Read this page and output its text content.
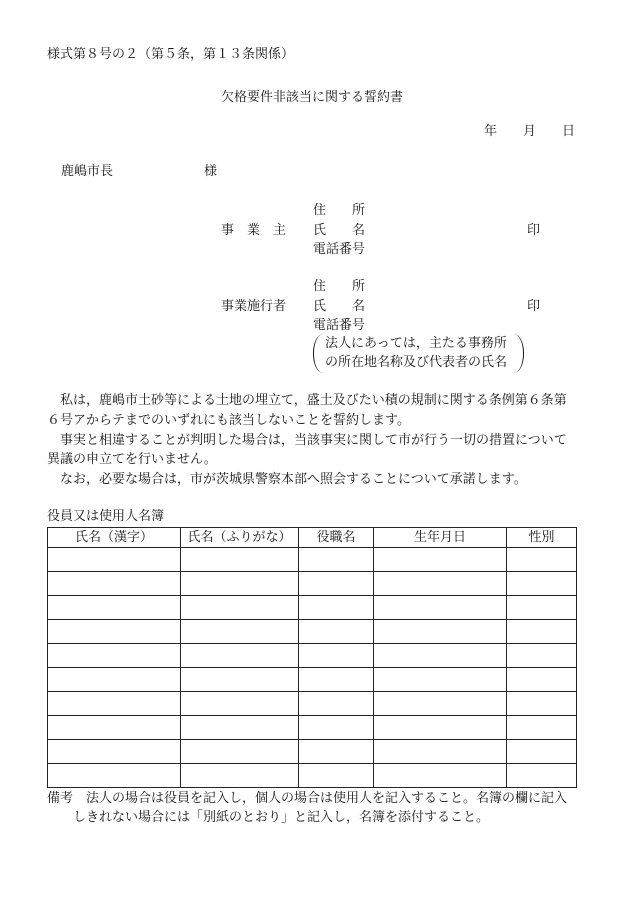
様式第８号の２（第５条，第１３条関係）
欠格要件非該当に関する誓約書
年 月 日
鹿嶋市長	様
事　業　主
住　　所
氏　　名
電話番号
印
事業施行者
住　　所
氏　　名
電話番号
印
法人にあっては，主たる事務所
の所在地名称及び代表者の氏名
　私は，鹿嶋市土砂等による土地の埋立て，盛土及びたい積の規制に関する条例第６条第
６号アからテまでのいずれにも該当しないことを誓約します。
　事実と相違することが判明した場合は，当該事実に関して市が行う一切の措置について
異議の申立てを行いません。
　なお，必要な場合は，市が茨城県警察本部へ照会することについて承諾します。
役員又は使用人名簿
氏名（漢字）	氏名（ふりがな）	役職名	生年月日	性別

備考 法人の場合は役員を記入し，個人の場合は使用人を記入すること。名簿の欄に記入
しきれない場合には「別紙のとおり」と記入し，名簿を添付すること。
